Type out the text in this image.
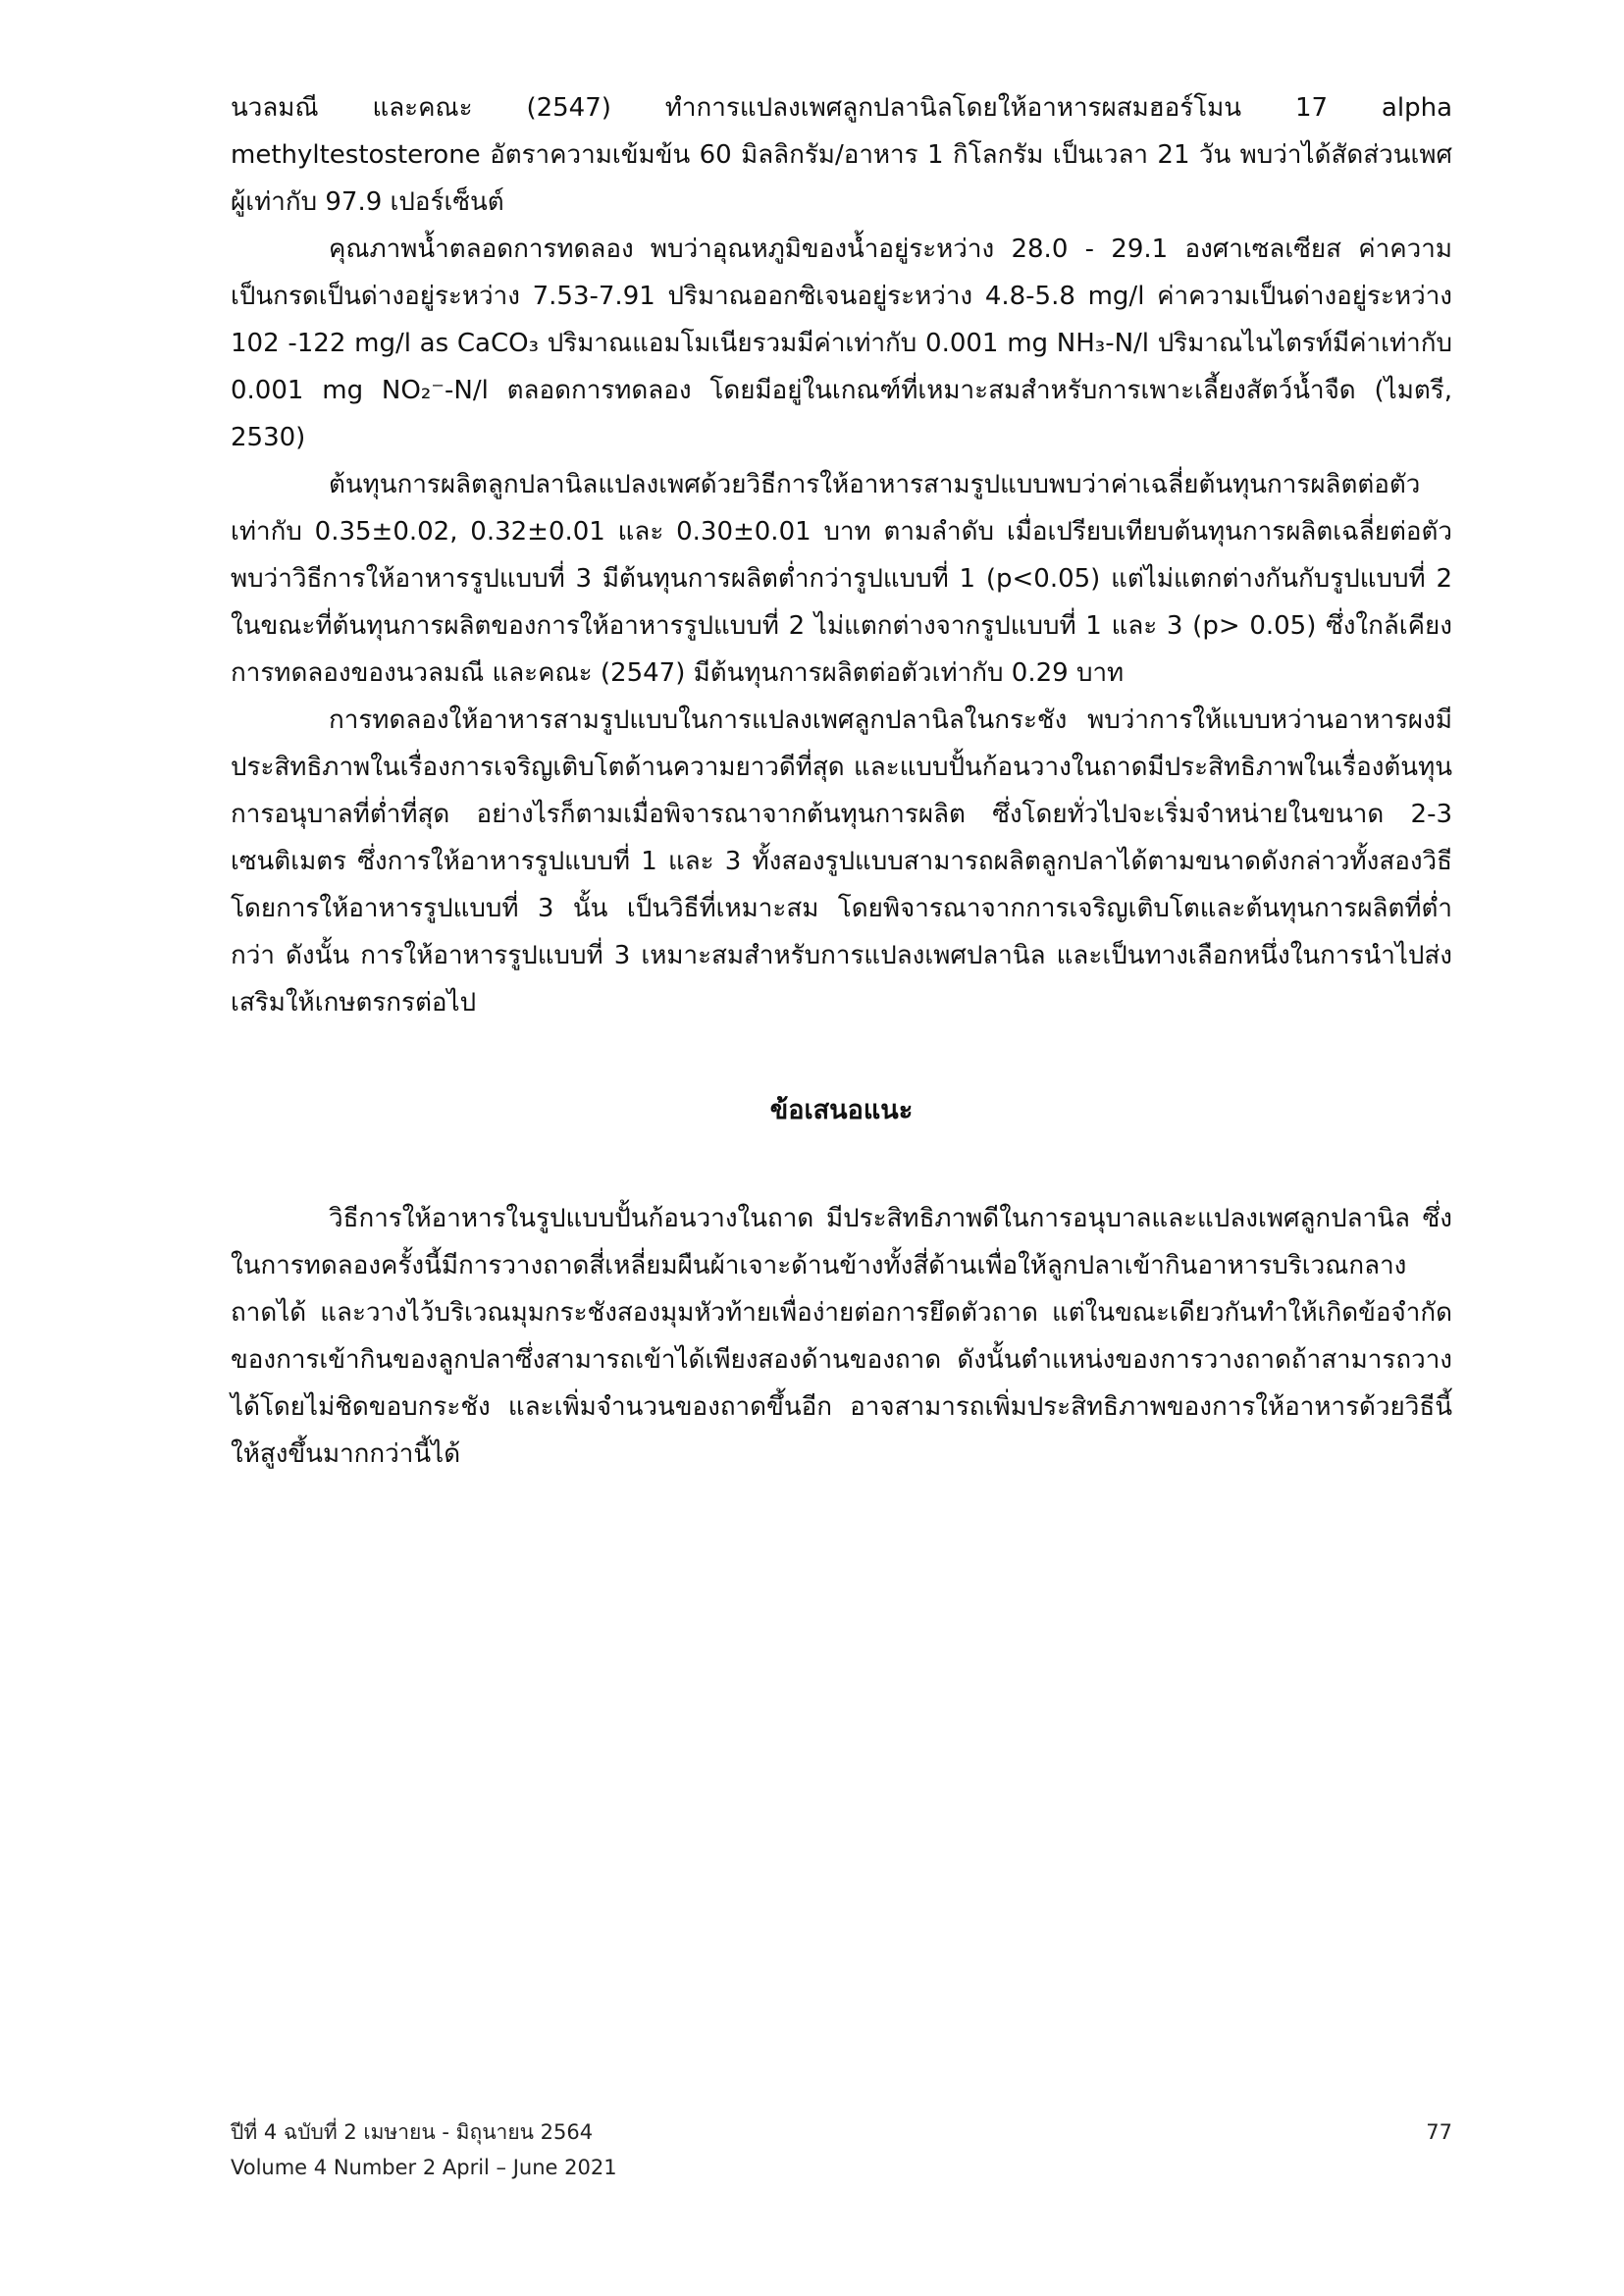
นวลมณี และคณะ (2547) ทำการแปลงเพศลูกปลานิลโดยให้อาหารผสมฮอร์โมน 17 alpha methyltestosterone อัตราความเข้มข้น 60 มิลลิกรัม/อาหาร 1 กิโลกรัม เป็นเวลา 21 วัน พบว่าได้สัดส่วนเพศผู้เท่ากับ 97.9 เปอร์เซ็นต์

คุณภาพน้ำตลอดการทดลอง พบว่าอุณหภูมิของน้ำอยู่ระหว่าง 28.0 - 29.1 องศาเซลเซียส ค่าความเป็นกรดเป็นด่างอยู่ระหว่าง 7.53-7.91 ปริมาณออกซิเจนอยู่ระหว่าง 4.8-5.8 mg/l ค่าความเป็นด่างอยู่ระหว่าง 102 -122 mg/l as CaCO₃ ปริมาณแอมโมเนียรวมมีค่าเท่ากับ 0.001 mg NH₃-N/l ปริมาณไนไตรท์มีค่าเท่ากับ 0.001 mg NO₂⁻-N/l ตลอดการทดลอง โดยมีอยู่ในเกณฑ์ที่เหมาะสมสำหรับการเพาะเลี้ยงสัตว์น้ำจืด (ไมตรี, 2530)

ต้นทุนการผลิตลูกปลานิลแปลงเพศด้วยวิธีการให้อาหารสามรูปแบบพบว่าค่าเฉลี่ยต้นทุนการผลิตต่อตัวเท่ากับ 0.35±0.02, 0.32±0.01 และ 0.30±0.01 บาท ตามลำดับ เมื่อเปรียบเทียบต้นทุนการผลิตเฉลี่ยต่อตัว พบว่าวิธีการให้อาหารรูปแบบที่ 3 มีต้นทุนการผลิตต่ำกว่ารูปแบบที่ 1 (p<0.05) แต่ไม่แตกต่างกันกับรูปแบบที่ 2 ในขณะที่ต้นทุนการผลิตของการให้อาหารรูปแบบที่ 2 ไม่แตกต่างจากรูปแบบที่ 1 และ 3 (p> 0.05) ซึ่งใกล้เคียงการทดลองของนวลมณี และคณะ (2547) มีต้นทุนการผลิตต่อตัวเท่ากับ 0.29 บาท

การทดลองให้อาหารสามรูปแบบในการแปลงเพศลูกปลานิลในกระชัง พบว่าการให้แบบหว่านอาหารผงมีประสิทธิภาพในเรื่องการเจริญเติบโตด้านความยาวดีที่สุด และแบบปั้นก้อนวางในถาดมีประสิทธิภาพในเรื่องต้นทุนการอนุบาลที่ต่ำที่สุด อย่างไรก็ตามเมื่อพิจารณาจากต้นทุนการผลิต ซึ่งโดยทั่วไปจะเริ่มจำหน่ายในขนาด 2-3 เซนติเมตร ซึ่งการให้อาหารรูปแบบที่ 1 และ 3 ทั้งสองรูปแบบสามารถผลิตลูกปลาได้ตามขนาดดังกล่าวทั้งสองวิธี โดยการให้อาหารรูปแบบที่ 3 นั้น เป็นวิธีที่เหมาะสม โดยพิจารณาจากการเจริญเติบโตและต้นทุนการผลิตที่ต่ำกว่า ดังนั้น การให้อาหารรูปแบบที่ 3 เหมาะสมสำหรับการแปลงเพศปลานิล และเป็นทางเลือกหนึ่งในการนำไปส่งเสริมให้เกษตรกรต่อไป

ข้อเสนอแนะ

วิธีการให้อาหารในรูปแบบปั้นก้อนวางในถาด มีประสิทธิภาพดีในการอนุบาลและแปลงเพศลูกปลานิล ซึ่งในการทดลองครั้งนี้มีการวางถาดสี่เหลี่ยมผืนผ้าเจาะด้านข้างทั้งสี่ด้านเพื่อให้ลูกปลาเข้ากินอาหารบริเวณกลางถาดได้ และวางไว้บริเวณมุมกระชังสองมุมหัวท้ายเพื่อง่ายต่อการยึดตัวถาด แต่ในขณะเดียวกันทำให้เกิดข้อจำกัดของการเข้ากินของลูกปลาซึ่งสามารถเข้าได้เพียงสองด้านของถาด ดังนั้นตำแหน่งของการวางถาดถ้าสามารถวางได้โดยไม่ชิดขอบกระชัง และเพิ่มจำนวนของถาดขึ้นอีก อาจสามารถเพิ่มประสิทธิภาพของการให้อาหารด้วยวิธีนี้ให้สูงขึ้นมากกว่านี้ได้

ปีที่ 4 ฉบับที่ 2 เมษายน - มิถุนายน 2564
Volume 4 Number 2 April – June 2021
77
